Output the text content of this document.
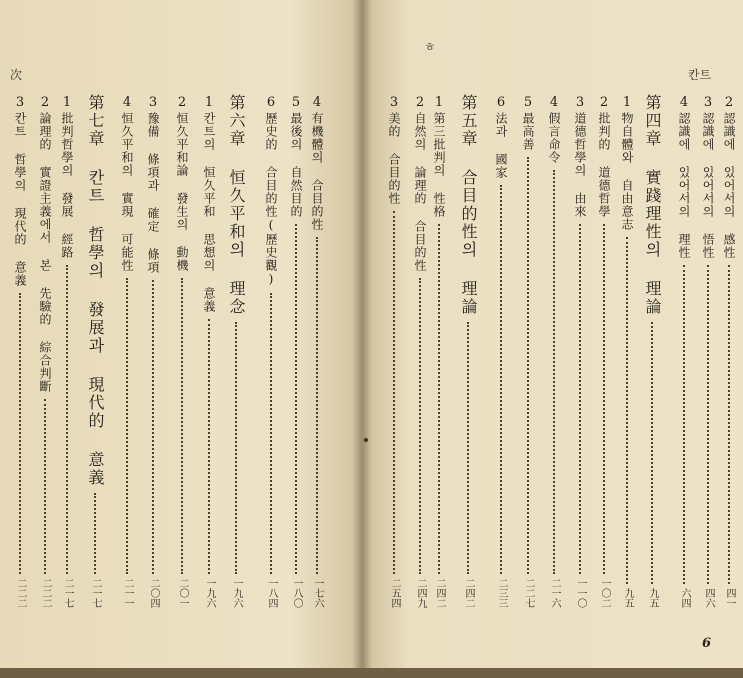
次
3
칸트 哲學의 現代的 意義
二二二
2
論理的 實證主義에서 본 先驗的 綜合判斷
二二二
1
批判哲學의 發展 經路
二一七
第七章 칸트 哲學의 發展과 現代的 意義
二一七
4
恒久平和의 實現 可能性
二一一
3
豫備 條項과 確定 條項
二〇四
2
恒久平和論 發生의 動機
二〇一
1
칸트의 恒久平和 思想의 意義
一九六
第六章 恒久平和의 理念
一九六
6
歷史的 合目的性(歷史觀)
一八四
5
最後의 自然目的
一八〇
4
有機體의 合目的性
一七六
칸트
ㅎ
6
3
美的 合目的性
二五四
2
自然의 論理的 合目的性
二四九
1
第三批判의 性格
二四二
第五章 合目的性의 理論
二四二
6
法과 國家
二三三
5
最高善
二二七
4
假言命令
二一六
3
道德哲學의 由來
一一〇
2
批判的 道德哲學
一〇二
1
物自體와 自由意志
九五
第四章 實踐理性의 理論
九五
4
認識에 있어서의 理性
六四
3
認識에 있어서의 悟性
四六
2
認識에 있어서의 感性
四一
